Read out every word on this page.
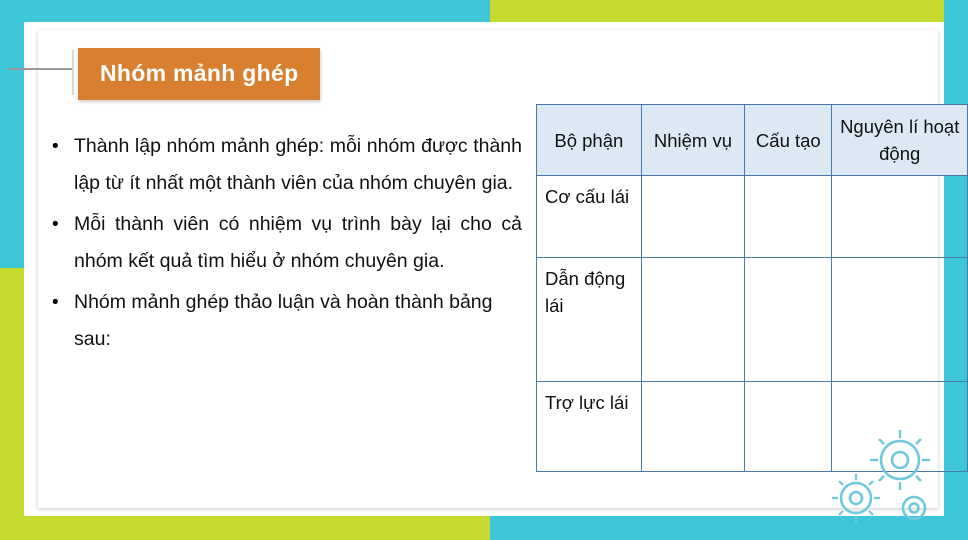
Nhóm mảnh ghép
• Thành lập nhóm mảnh ghép: mỗi nhóm được thành lập từ ít nhất một thành viên của nhóm chuyên gia.
• Mỗi thành viên có nhiệm vụ trình bày lại cho cả nhóm kết quả tìm hiểu ở nhóm chuyên gia.
• Nhóm mảnh ghép thảo luận và hoàn thành bảng sau:
Bộ phận	Nhiệm vụ	Cấu tạo	Nguyên lí hoạt động
Cơ cấu lái			
Dẫn động lái			
Trợ lực lái			
